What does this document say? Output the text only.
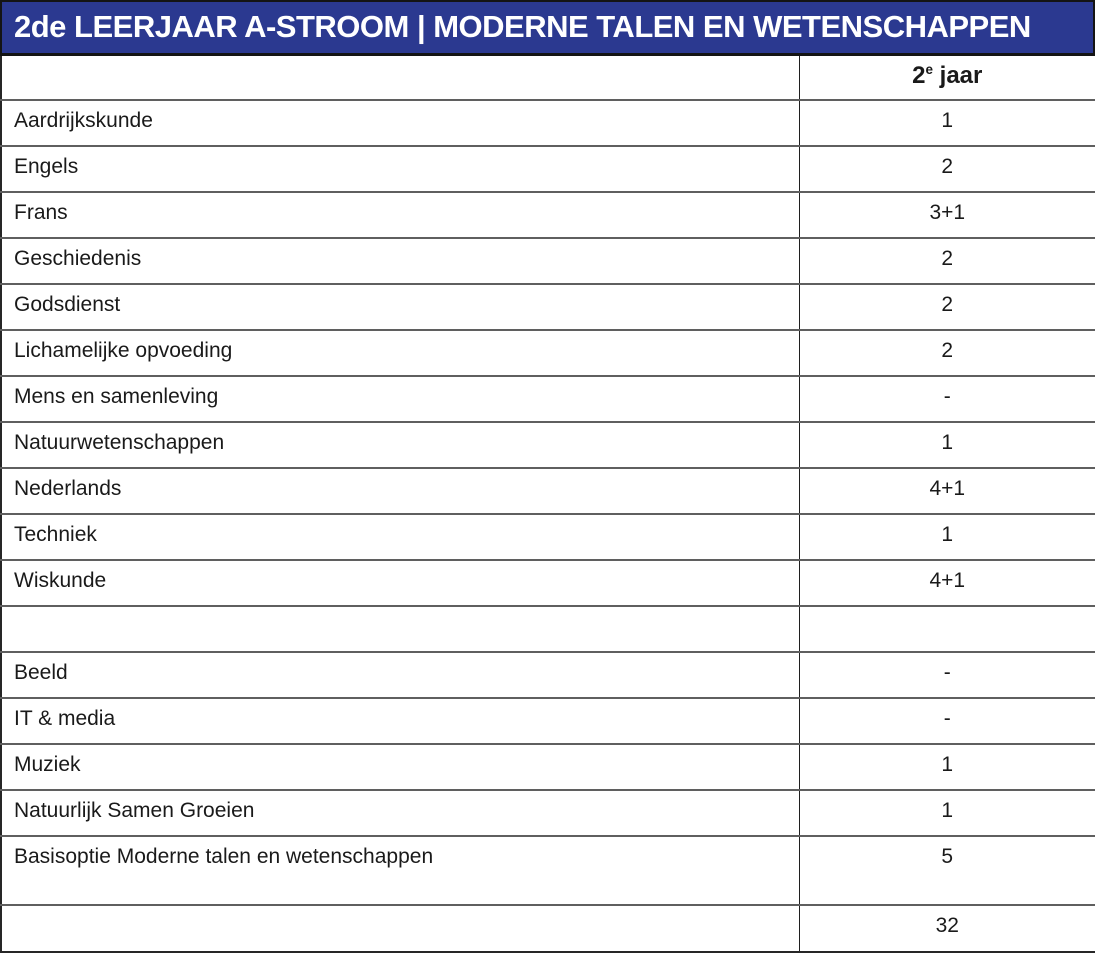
2de LEERJAAR A-STROOM | MODERNE TALEN EN WETENSCHAPPEN
	2e jaar
Aardrijkskunde	1
Engels	2
Frans	3+1
Geschiedenis	2
Godsdienst	2
Lichamelijke opvoeding	2
Mens en samenleving	-
Natuurwetenschappen	1
Nederlands	4+1
Techniek	1
Wiskunde	4+1

Beeld	-
IT & media	-
Muziek	1
Natuurlijk Samen Groeien	1
Basisoptie Moderne talen en wetenschappen	5
	32
